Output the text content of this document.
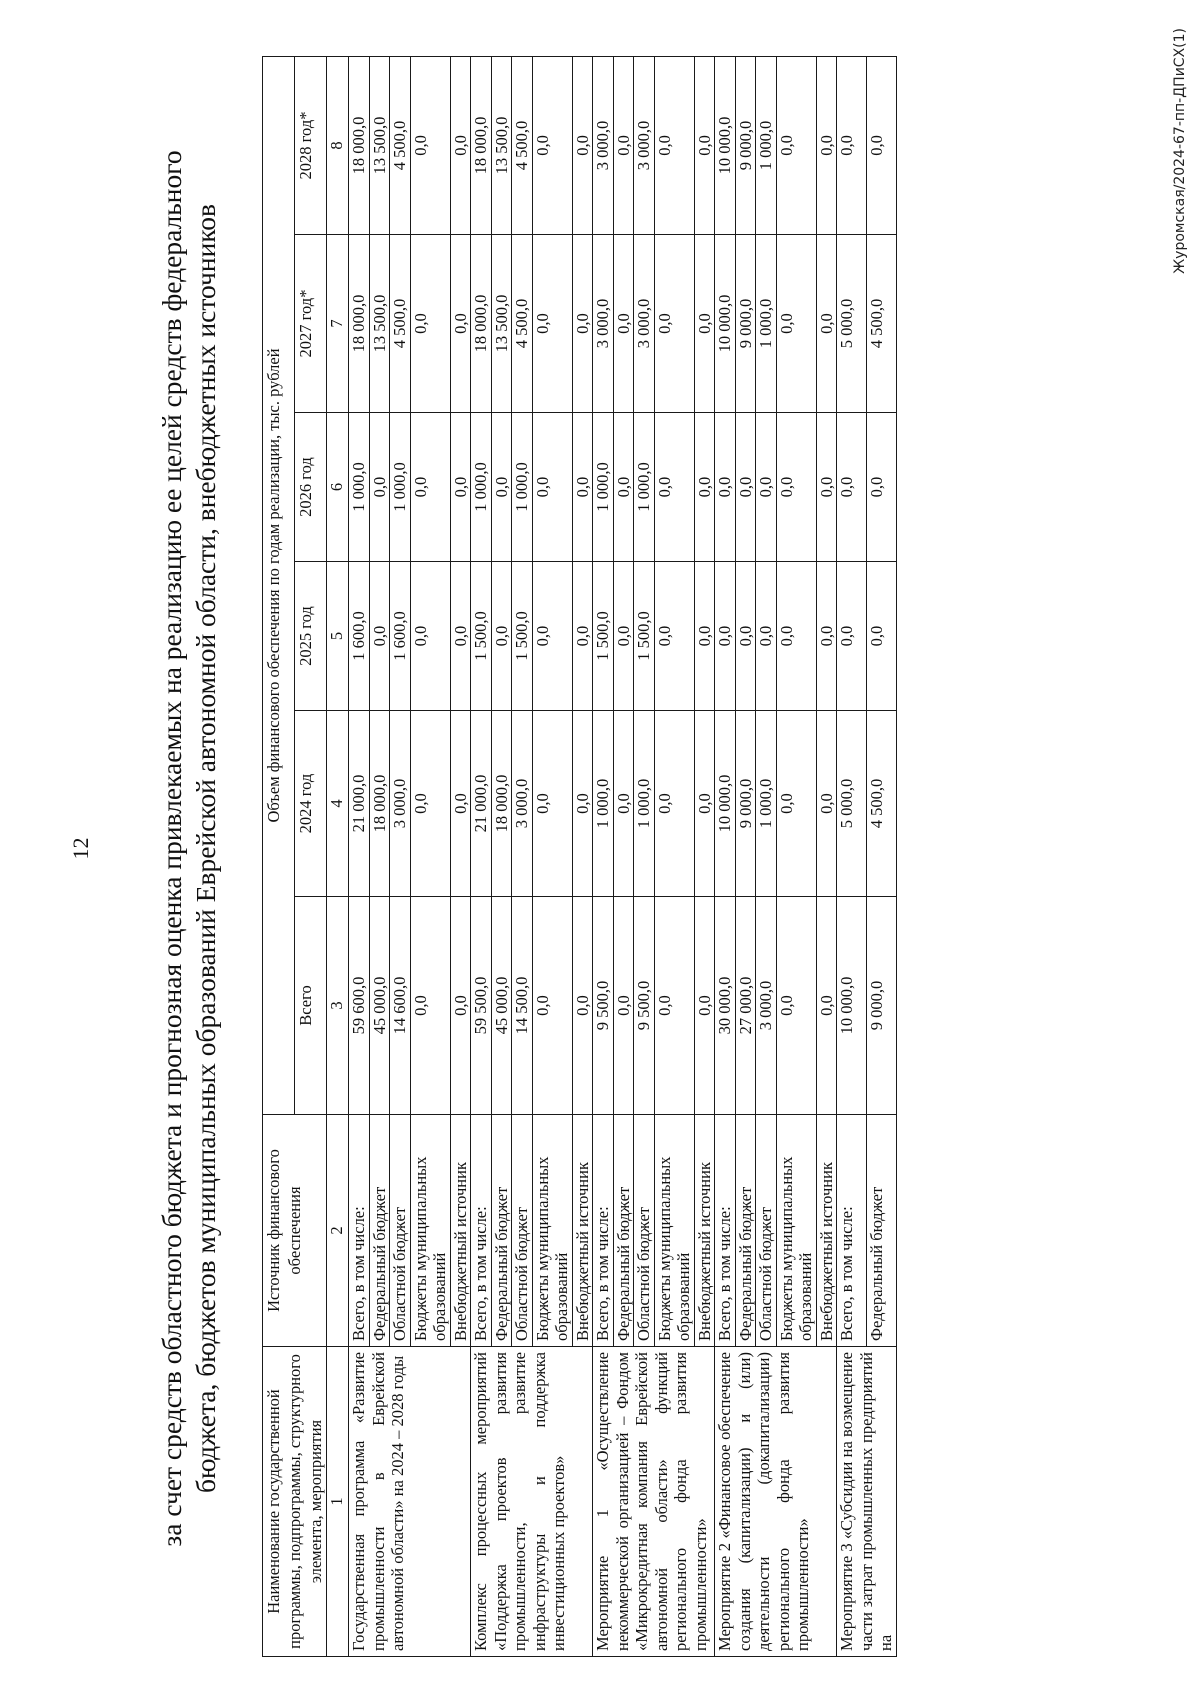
12 за счет средств областного бюджета и прогнозная оценка привлекаемых на реализацию ее целей средств федерального бюджета, бюджетов муниципальных образований Еврейской автономной области, внебюджетных источников
Наименование государственной программы, подпрограммы, структурного элемента, мероприятия	Источник финансового обеспечения	Объем финансового обеспечения по годам реализации, тыс. рублей					
		Всего	2024 год	2025 год	2026 год	2027 год*	2028 год*
1	2	3	4	5	6	7	8
Государственная программа «Развитие промышленности в Еврейской автономной области» на 2024 – 2028 годы	Всего, в том числе:	59 600,0	21 000,0	1 600,0	1 000,0	18 000,0	18 000,0
	Федеральный бюджет	45 000,0	18 000,0	0,0	0,0	13 500,0	13 500,0
	Областной бюджет	14 600,0	3 000,0	1 600,0	1 000,0	4 500,0	4 500,0
	Бюджеты муниципальных образований	0,0	0,0	0,0	0,0	0,0	0,0
	Внебюджетный источник	0,0	0,0	0,0	0,0	0,0	0,0
Комплекс процессных мероприятий «Поддержка проектов развития промышленности, развитие инфраструктуры и поддержка инвестиционных проектов»	Всего, в том числе:	59 500,0	21 000,0	1 500,0	1 000,0	18 000,0	18 000,0
	Федеральный бюджет	45 000,0	18 000,0	0,0	0,0	13 500,0	13 500,0
	Областной бюджет	14 500,0	3 000,0	1 500,0	1 000,0	4 500,0	4 500,0
	Бюджеты муниципальных образований	0,0	0,0	0,0	0,0	0,0	0,0
	Внебюджетный источник	0,0	0,0	0,0	0,0	0,0	0,0
Мероприятие 1 «Осуществление некоммерческой организацией – Фондом «Микрокредитная компания Еврейской автономной области» функций регионального фонда развития промышленности»	Всего, в том числе:	9 500,0	1 000,0	1 500,0	1 000,0	3 000,0	3 000,0
	Федеральный бюджет	0,0	0,0	0,0	0,0	0,0	0,0
	Областной бюджет	9 500,0	1 000,0	1 500,0	1 000,0	3 000,0	3 000,0
	Бюджеты муниципальных образований	0,0	0,0	0,0	0,0	0,0	0,0
	Внебюджетный источник	0,0	0,0	0,0	0,0	0,0	0,0
Мероприятие 2 «Финансовое обеспечение создания (капитализации) и (или) деятельности (докапитализации) регионального фонда развития промышленности»	Всего, в том числе:	30 000,0	10 000,0	0,0	0,0	10 000,0	10 000,0
	Федеральный бюджет	27 000,0	9 000,0	0,0	0,0	9 000,0	9 000,0
	Областной бюджет	3 000,0	1 000,0	0,0	0,0	1 000,0	1 000,0
	Бюджеты муниципальных образований	0,0	0,0	0,0	0,0	0,0	0,0
	Внебюджетный источник	0,0	0,0	0,0	0,0	0,0	0,0
Мероприятие 3 «Субсидии на возмещение части затрат промышленных предприятий на	Всего, в том числе:	10 000,0	5 000,0	0,0	0,0	5 000,0	0,0
	Федеральный бюджет	9 000,0	4 500,0	0,0	0,0	4 500,0	0,0	Журомская/2024-67-пп-ДПиСХ(1)
